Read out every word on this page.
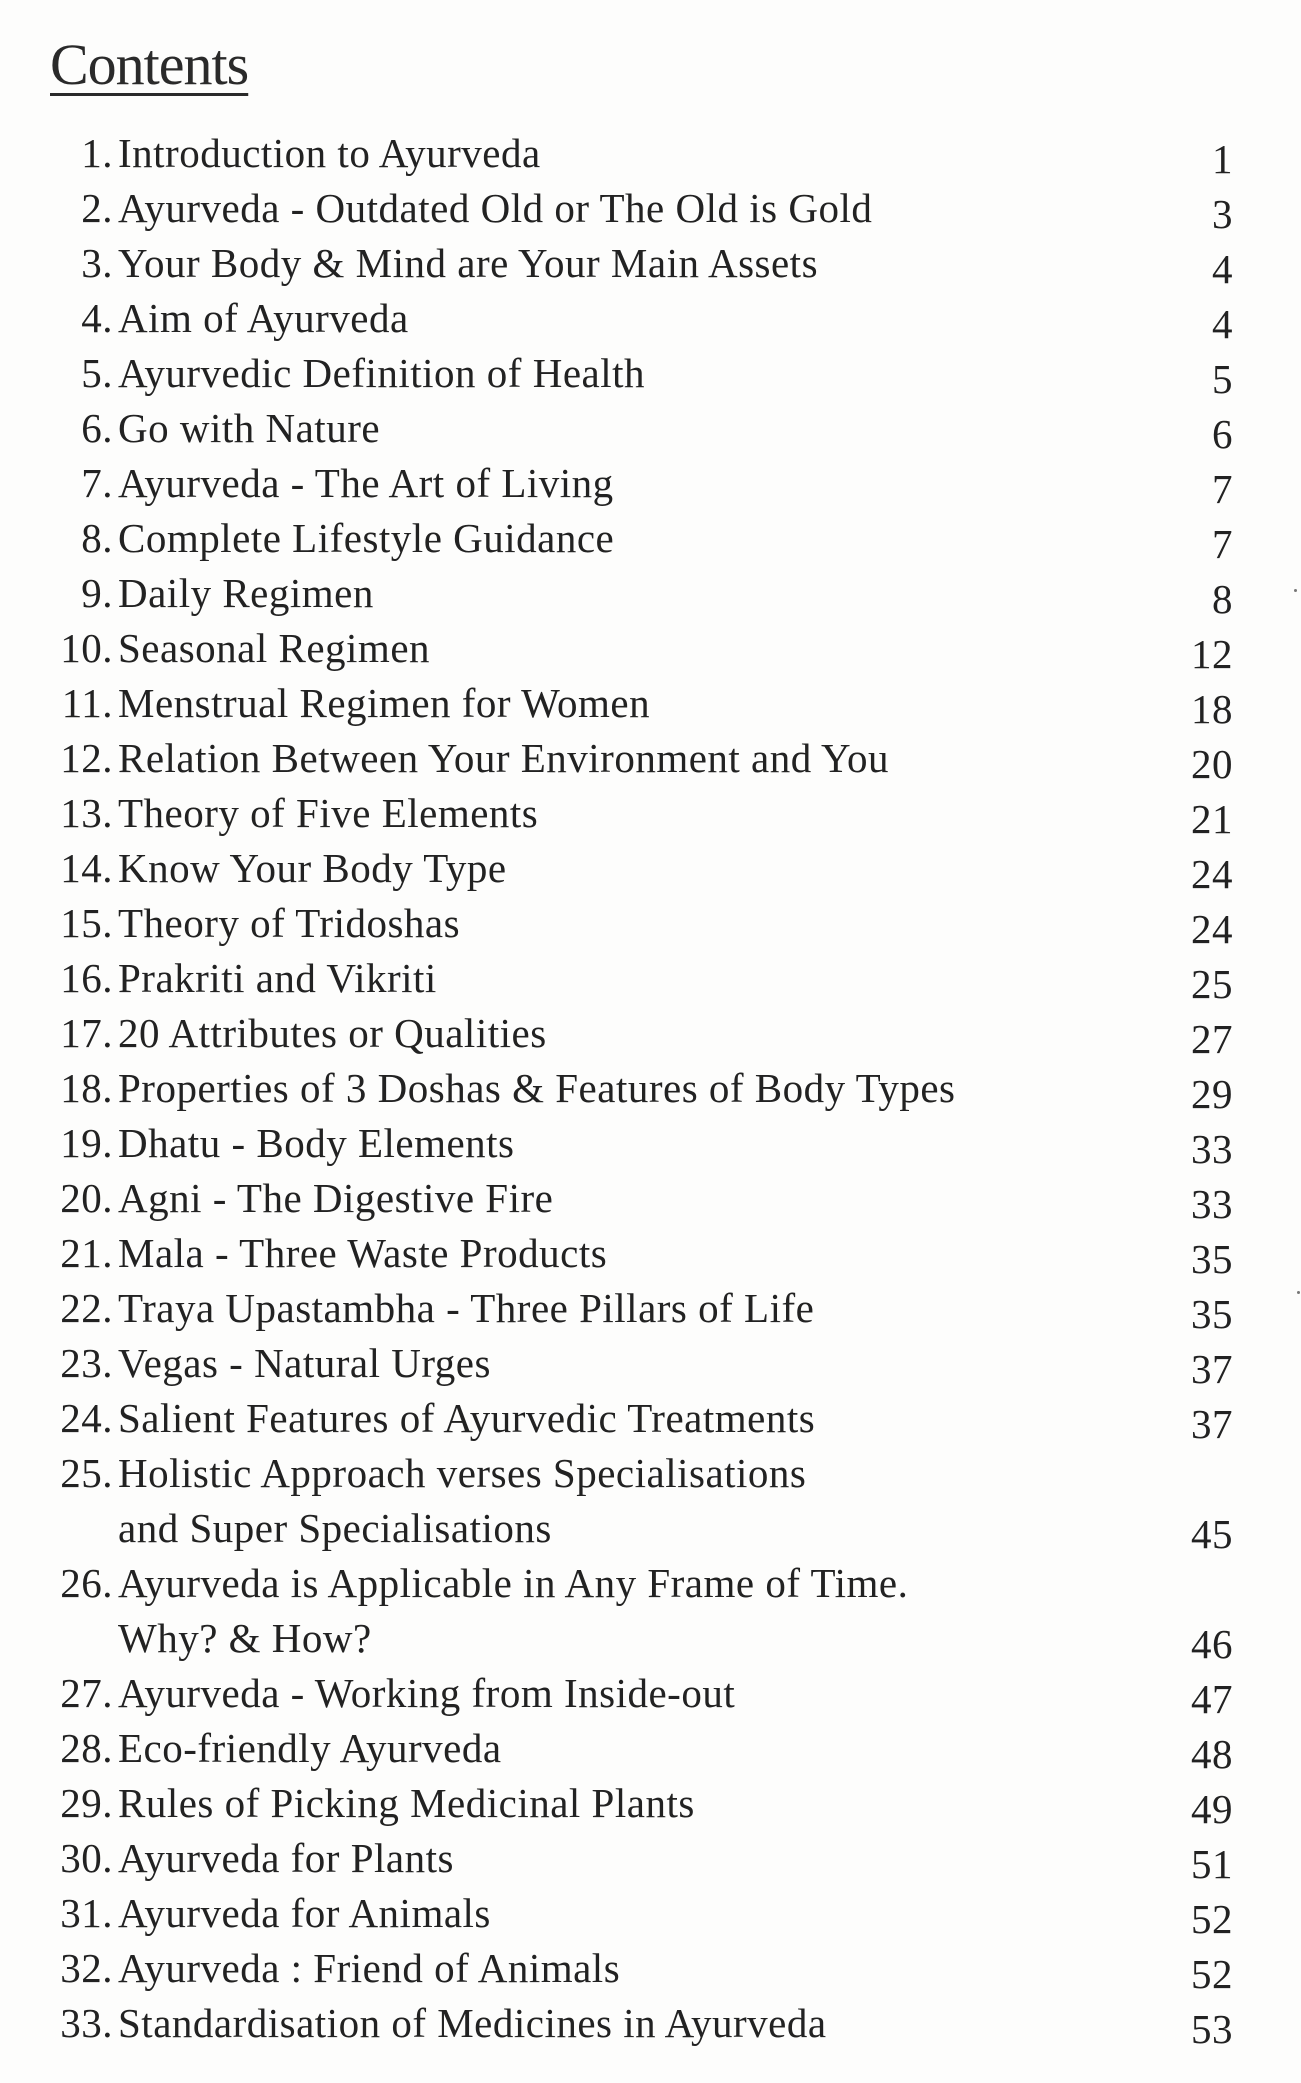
Contents
1. Introduction to Ayurveda	1
2. Ayurveda - Outdated Old or The Old is Gold	3
3. Your Body & Mind are Your Main Assets	4
4. Aim of Ayurveda	4
5. Ayurvedic Definition of Health	5
6. Go with Nature	6
7. Ayurveda - The Art of Living	7
8. Complete Lifestyle Guidance	7
9. Daily Regimen	8
10. Seasonal Regimen	12
11. Menstrual Regimen for Women	18
12. Relation Between Your Environment and You	20
13. Theory of Five Elements	21
14. Know Your Body Type	24
15. Theory of Tridoshas	24
16. Prakriti and Vikriti	25
17. 20 Attributes or Qualities	27
18. Properties of 3 Doshas & Features of Body Types	29
19. Dhatu - Body Elements	33
20. Agni - The Digestive Fire	33
21. Mala - Three Waste Products	35
22. Traya Upastambha - Three Pillars of Life	35
23. Vegas - Natural Urges	37
24. Salient Features of Ayurvedic Treatments	37
25. Holistic Approach verses Specialisations
and Super Specialisations	45
26. Ayurveda is Applicable in Any Frame of Time.
Why? & How?	46
27. Ayurveda - Working from Inside-out	47
28. Eco-friendly Ayurveda	48
29. Rules of Picking Medicinal Plants	49
30. Ayurveda for Plants	51
31. Ayurveda for Animals	52
32. Ayurveda : Friend of Animals	52
33. Standardisation of Medicines in Ayurveda	53
